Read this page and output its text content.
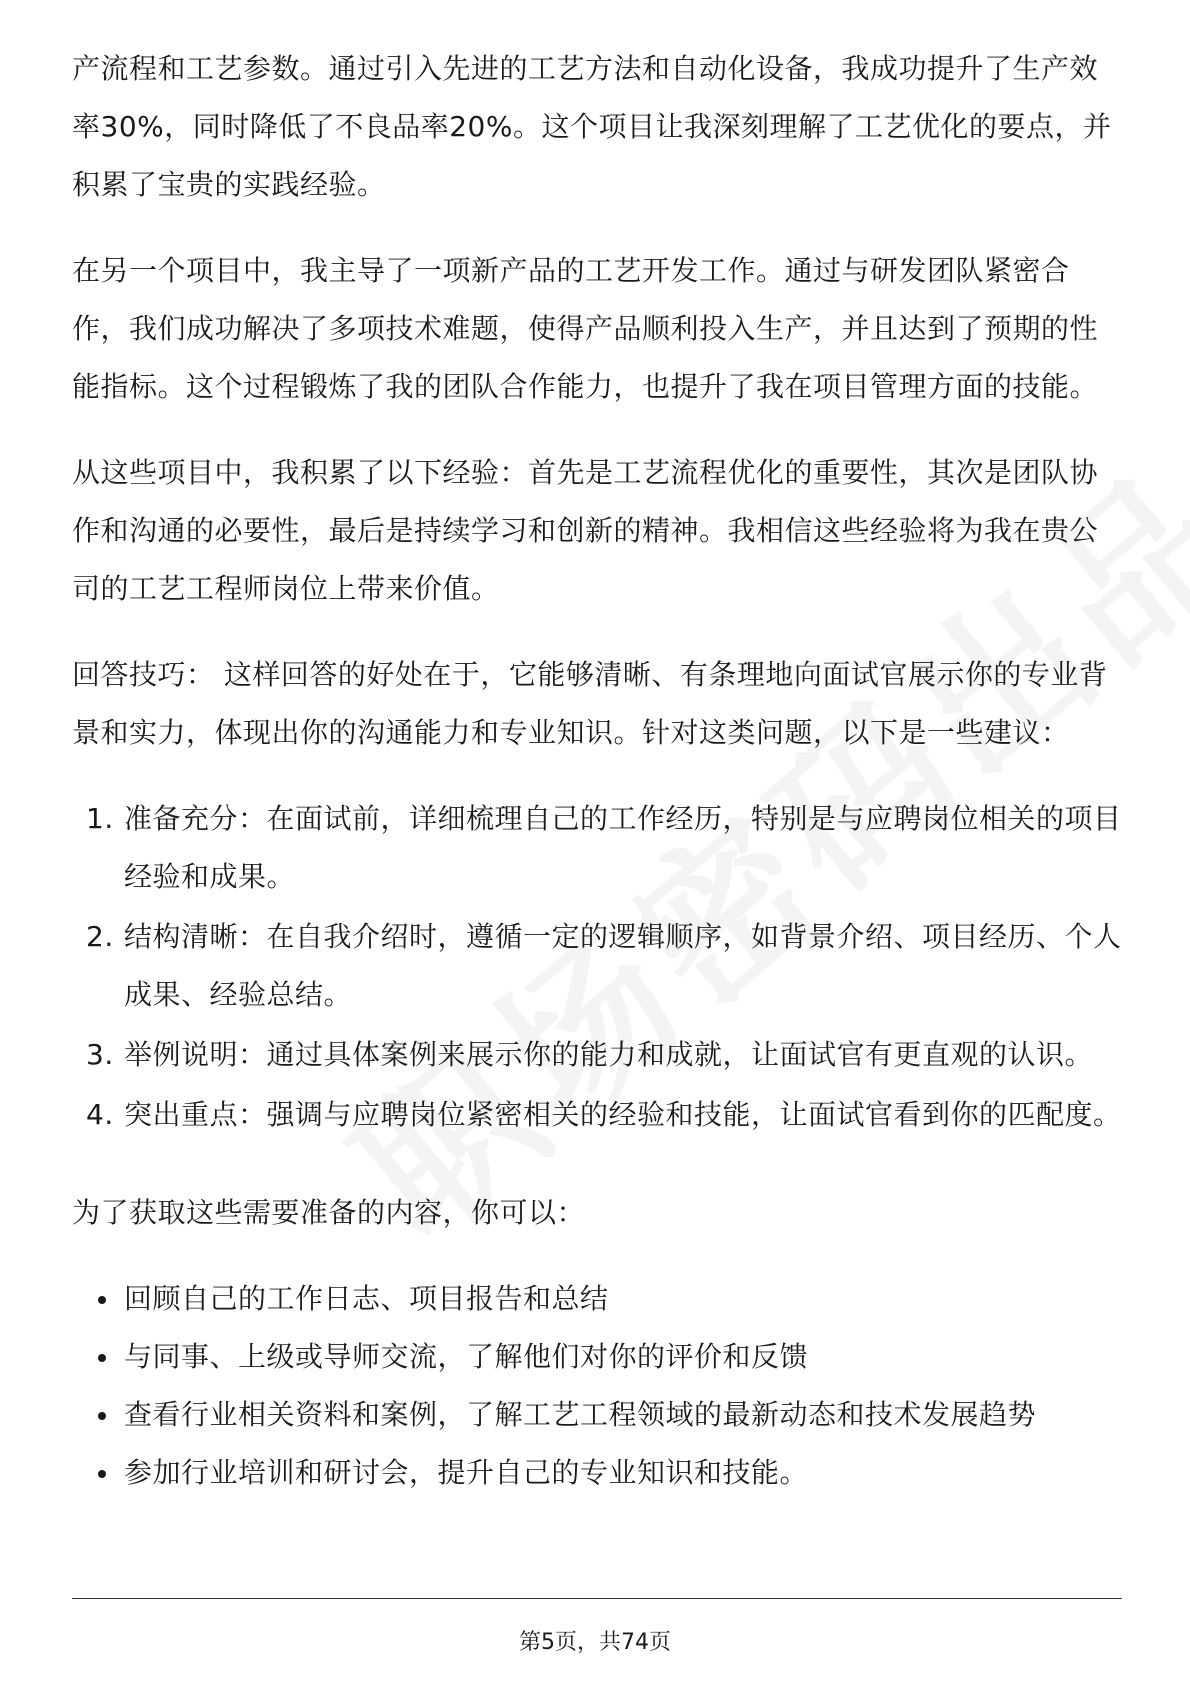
产流程和工艺参数。通过引入先进的工艺方法和自动化设备，我成功提升了生产效率30%，同时降低了不良品率20%。这个项目让我深刻理解了工艺优化的要点，并积累了宝贵的实践经验。

在另一个项目中，我主导了一项新产品的工艺开发工作。通过与研发团队紧密合作，我们成功解决了多项技术难题，使得产品顺利投入生产，并且达到了预期的性能指标。这个过程锻炼了我的团队合作能力，也提升了我在项目管理方面的技能。

从这些项目中，我积累了以下经验：首先是工艺流程优化的重要性，其次是团队协作和沟通的必要性，最后是持续学习和创新的精神。我相信这些经验将为我在贵公司的工艺工程师岗位上带来价值。

回答技巧： 这样回答的好处在于，它能够清晰、有条理地向面试官展示你的专业背景和实力，体现出你的沟通能力和专业知识。针对这类问题，以下是一些建议：

1. 准备充分：在面试前，详细梳理自己的工作经历，特别是与应聘岗位相关的项目经验和成果。
2. 结构清晰：在自我介绍时，遵循一定的逻辑顺序，如背景介绍、项目经历、个人成果、经验总结。
3. 举例说明：通过具体案例来展示你的能力和成就，让面试官有更直观的认识。
4. 突出重点：强调与应聘岗位紧密相关的经验和技能，让面试官看到你的匹配度。

为了获取这些需要准备的内容，你可以：

回顾自己的工作日志、项目报告和总结
与同事、上级或导师交流，了解他们对你的评价和反馈
查看行业相关资料和案例，了解工艺工程领域的最新动态和技术发展趋势
参加行业培训和研讨会，提升自己的专业知识和技能。
第5页，共74页
